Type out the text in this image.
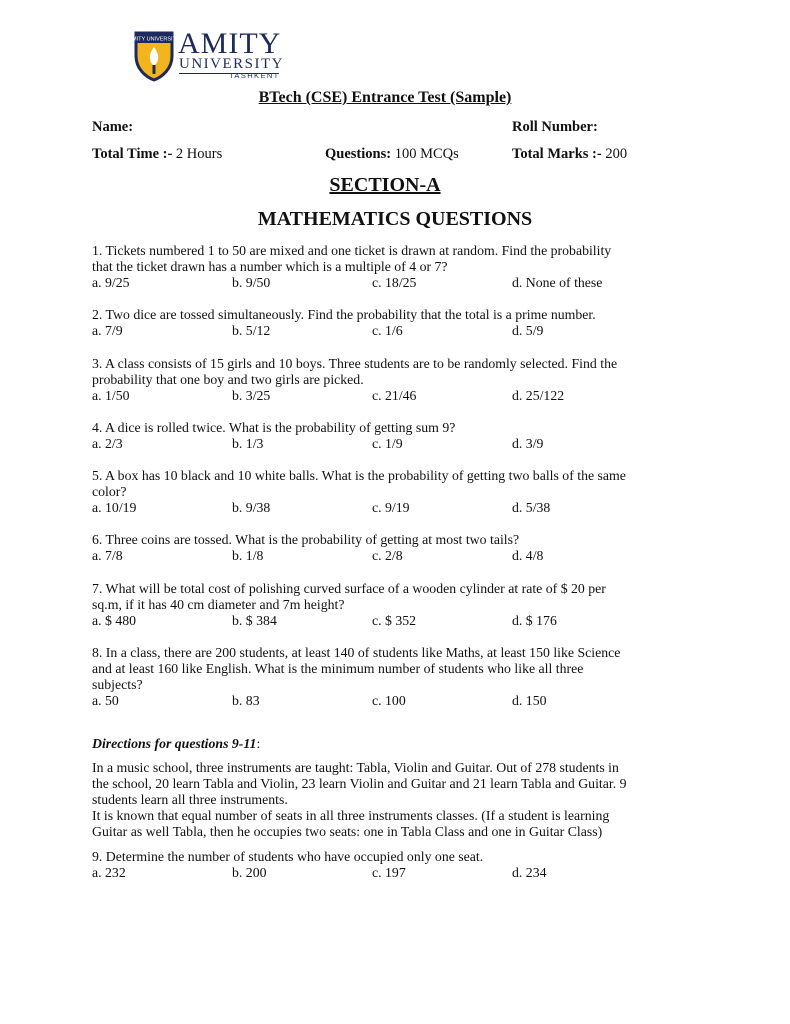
AMITY UNIVERSITY
AMITY
UNIVERSITY
TASHKENT
BTech (CSE) Entrance Test (Sample)
Name:	Roll Number:
Total Time :- 2 Hours	Questions: 100 MCQs	Total Marks :- 200
SECTION-A
MATHEMATICS QUESTIONS

1. Tickets numbered 1 to 50 are mixed and one ticket is drawn at random. Find the probability

that the ticket drawn has a number which is a multiple of 4 or 7?

a. 9/25	b. 9/50	c. 18/25	d. None of these

2. Two dice are tossed simultaneously. Find the probability that the total is a prime number.

a. 7/9	b. 5/12	c. 1/6	d. 5/9

3. A class consists of 15 girls and 10 boys. Three students are to be randomly selected. Find the

probability that one boy and two girls are picked.

a. 1/50	b. 3/25	c. 21/46	d. 25/122

4. A dice is rolled twice. What is the probability of getting sum 9?

a. 2/3	b. 1/3	c. 1/9	d. 3/9

5. A box has 10 black and 10 white balls. What is the probability of getting two balls of the same

color?

a. 10/19	b. 9/38	c. 9/19	d. 5/38

6. Three coins are tossed. What is the probability of getting at most two tails?

a. 7/8	b. 1/8	c. 2/8	d. 4/8

7. What will be total cost of polishing curved surface of a wooden cylinder at rate of $ 20 per

sq.m, if it has 40 cm diameter and 7m height?

a. $ 480	b. $ 384	c. $ 352	d. $ 176

8. In a class, there are 200 students, at least 140 of students like Maths, at least 150 like Science

and at least 160 like English. What is the minimum number of students who like all three

subjects?

a. 50	b. 83	c. 100	d. 150

Directions for questions 9-11:

In a music school, three instruments are taught: Tabla, Violin and Guitar. Out of 278 students in

the school, 20 learn Tabla and Violin, 23 learn Violin and Guitar and 21 learn Tabla and Guitar. 9

students learn all three instruments.

It is known that equal number of seats in all three instruments classes. (If a student is learning

Guitar as well Tabla, then he occupies two seats: one in Tabla Class and one in Guitar Class)

9. Determine the number of students who have occupied only one seat.

a. 232	b. 200	c. 197	d. 234
